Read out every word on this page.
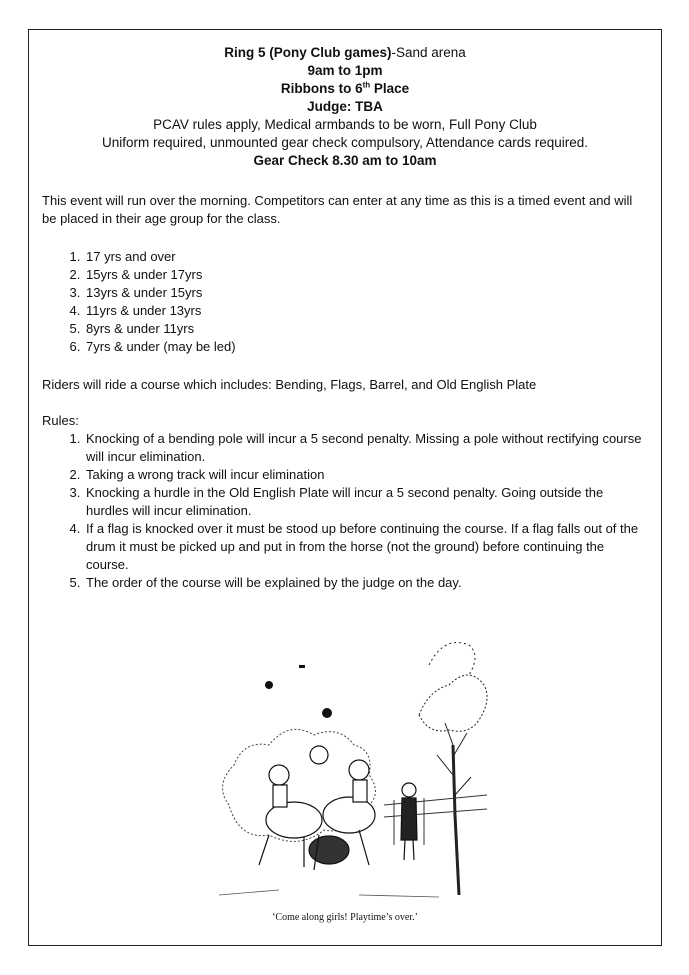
Ring 5 (Pony Club games)-Sand arena
9am to 1pm
Ribbons to 6th Place
Judge: TBA
PCAV rules apply, Medical armbands to be worn, Full Pony Club
Uniform required, unmounted gear check compulsory, Attendance cards required.
Gear Check 8.30 am to 10am
This event will run over the morning. Competitors can enter at any time as this is a timed event and will be placed in their age group for the class.
1. 17 yrs and over
2. 15yrs & under 17yrs
3. 13yrs & under 15yrs
4. 11yrs & under 13yrs
5. 8yrs & under 11yrs
6. 7yrs & under (may be led)
Riders will ride a course which includes: Bending, Flags, Barrel, and Old English Plate
Rules:
1. Knocking of a bending pole will incur a 5 second penalty. Missing a pole without rectifying course will incur elimination.
2. Taking a wrong track will incur elimination
3. Knocking a hurdle in the Old English Plate will incur a 5 second penalty. Going outside the hurdles will incur elimination.
4. If a flag is knocked over it must be stood up before continuing the course. If a flag falls out of the drum it must be picked up and put in from the horse (not the ground) before continuing the course.
5. The order of the course will be explained by the judge on the day.
‘Come along girls! Playtime’s over.’
